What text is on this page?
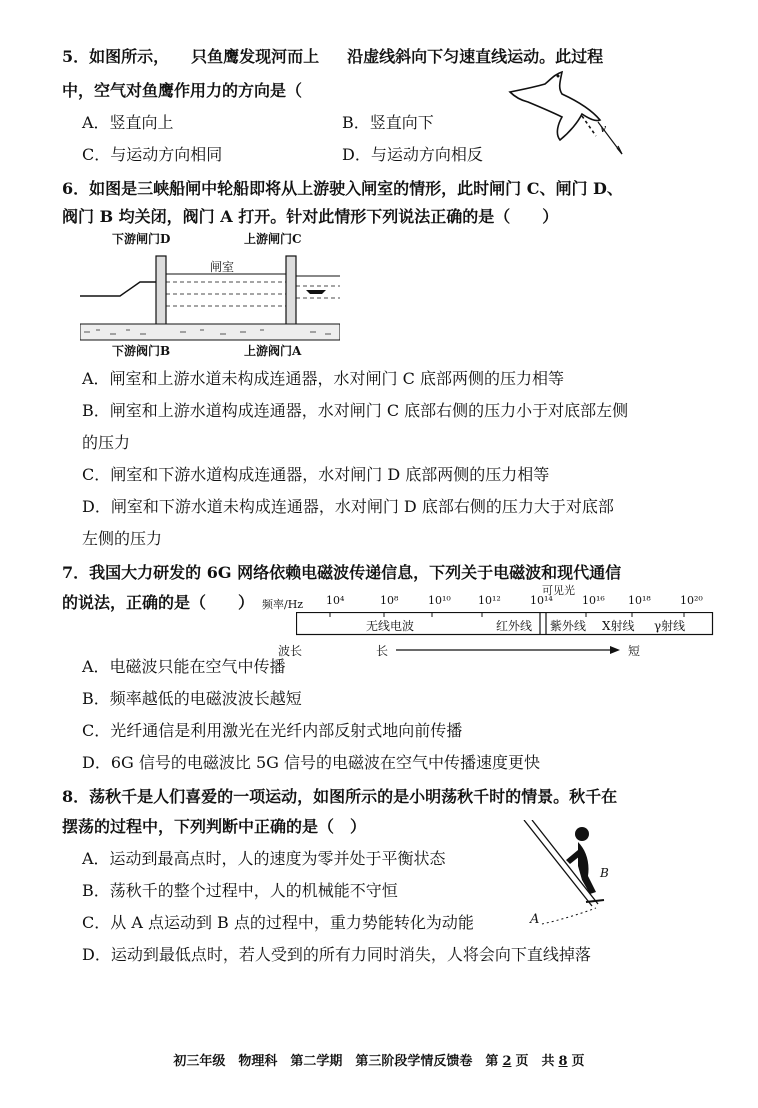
5．如图所示， 只鱼鹰发现河而上 沿虚线斜向下匀速直线运动。此过程
中，空气对鱼鹰作用力的方向是（
A．竖直向上	B．竖直向下
C．与运动方向相同	D．与运动方向相反
v
6．如图是三峡船闸中轮船即将从上游驶入闸室的情形，此时闸门 C、闸门 D、
阀门 B 均关闭，阀门 A 打开。针对此情形下列说法正确的是（　　）
下游闸门D	上游闸门C
闸室
下游阀门B	上游阀门A
A．闸室和上游水道未构成连通器，水对闸门 C 底部两侧的压力相等
B．闸室和上游水道构成连通器，水对闸门 C 底部右侧的压力小于对底部左侧
的压力
C．闸室和下游水道构成连通器，水对闸门 D 底部两侧的压力相等
D．闸室和下游水道未构成连通器，水对闸门 D 底部右侧的压力大于对底部
左侧的压力
7．我国大力研发的 6G 网络依赖电磁波传递信息，下列关于电磁波和现代通信
的说法，正确的是（　　）
可见光
频率/Hz 10⁴	10⁸	10¹⁰ 10¹²	10¹⁴	10¹⁶ 10¹⁸	10²⁰
无线电波	红外线 紫外线 X射线 γ射线
波长	长	短
A．电磁波只能在空气中传播
B．频率越低的电磁波波长越短
C．光纤通信是利用激光在光纤内部反射式地向前传播
D．6G 信号的电磁波比 5G 信号的电磁波在空气中传播速度更快
8．荡秋千是人们喜爱的一项运动，如图所示的是小明荡秋千时的情景。秋千在
摆荡的过程中，下列判断中正确的是（　）
B
A
A．运动到最高点时，人的速度为零并处于平衡状态
B．荡秋千的整个过程中，人的机械能不守恒
C．从 A 点运动到 B 点的过程中，重力势能转化为动能
D．运动到最低点时，若人受到的所有力同时消失，人将会向下直线掉落
初三年级　物理科　第二学期　第三阶段学情反馈卷　第 2 页　共 8 页
